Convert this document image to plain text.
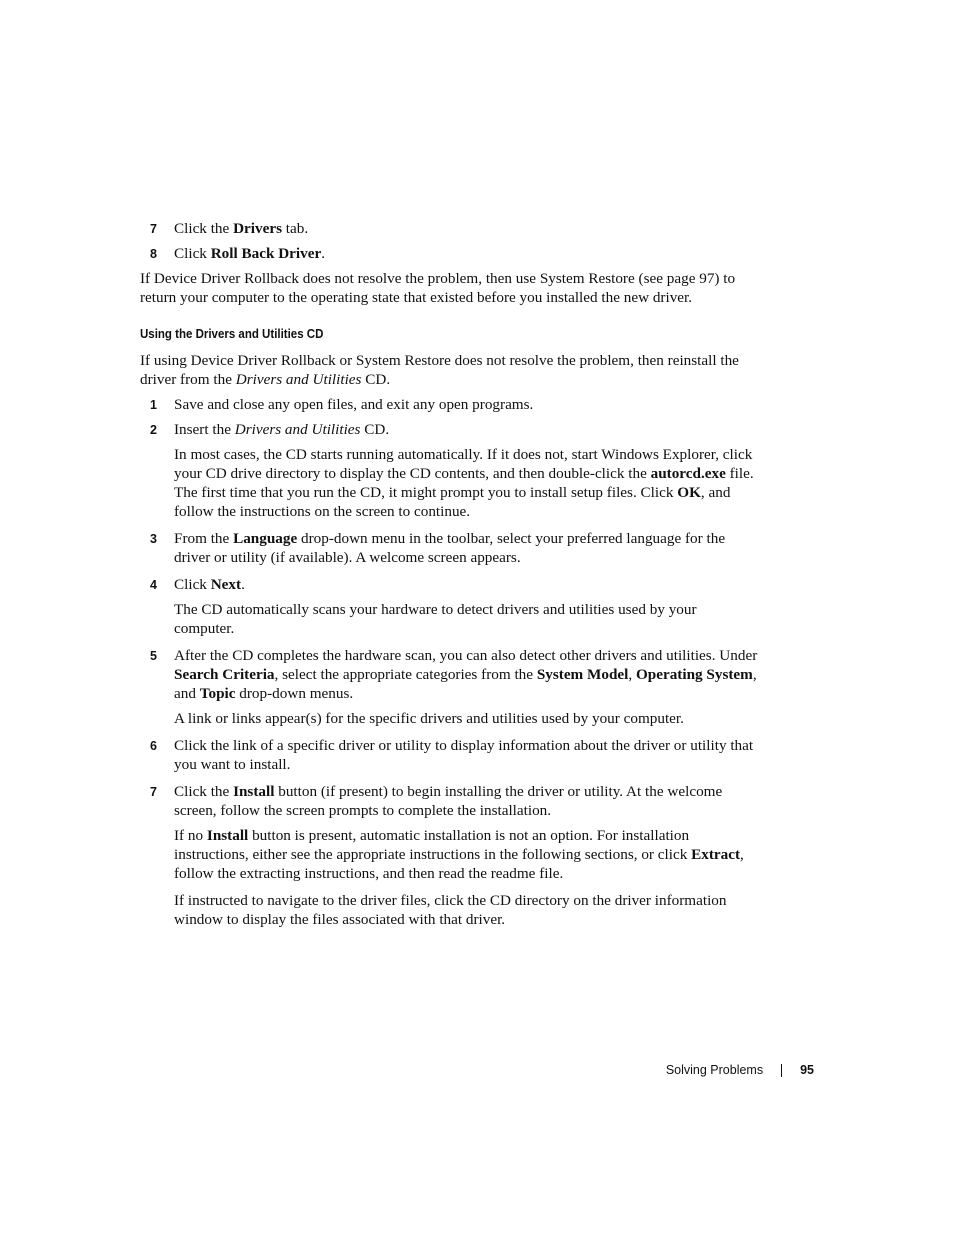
7 Click the Drivers tab.
8 Click Roll Back Driver.

If Device Driver Rollback does not resolve the problem, then use System Restore (see page 97) to return your computer to the operating state that existed before you installed the new driver.

Using the Drivers and Utilities CD

If using Device Driver Rollback or System Restore does not resolve the problem, then reinstall the driver from the Drivers and Utilities CD.

1 Save and close any open files, and exit any open programs.
2 Insert the Drivers and Utilities CD.

In most cases, the CD starts running automatically. If it does not, start Windows Explorer, click your CD drive directory to display the CD contents, and then double-click the autorcd.exe file. The first time that you run the CD, it might prompt you to install setup files. Click OK, and follow the instructions on the screen to continue.

3 From the Language drop-down menu in the toolbar, select your preferred language for the driver or utility (if available). A welcome screen appears.
4 Click Next.

The CD automatically scans your hardware to detect drivers and utilities used by your computer.

5 After the CD completes the hardware scan, you can also detect other drivers and utilities. Under Search Criteria, select the appropriate categories from the System Model, Operating System, and Topic drop-down menus.

A link or links appear(s) for the specific drivers and utilities used by your computer.

6 Click the link of a specific driver or utility to display information about the driver or utility that you want to install.
7 Click the Install button (if present) to begin installing the driver or utility. At the welcome screen, follow the screen prompts to complete the installation.

If no Install button is present, automatic installation is not an option. For installation instructions, either see the appropriate instructions in the following sections, or click Extract, follow the extracting instructions, and then read the readme file.

If instructed to navigate to the driver files, click the CD directory on the driver information window to display the files associated with that driver.

Solving Problems	95
